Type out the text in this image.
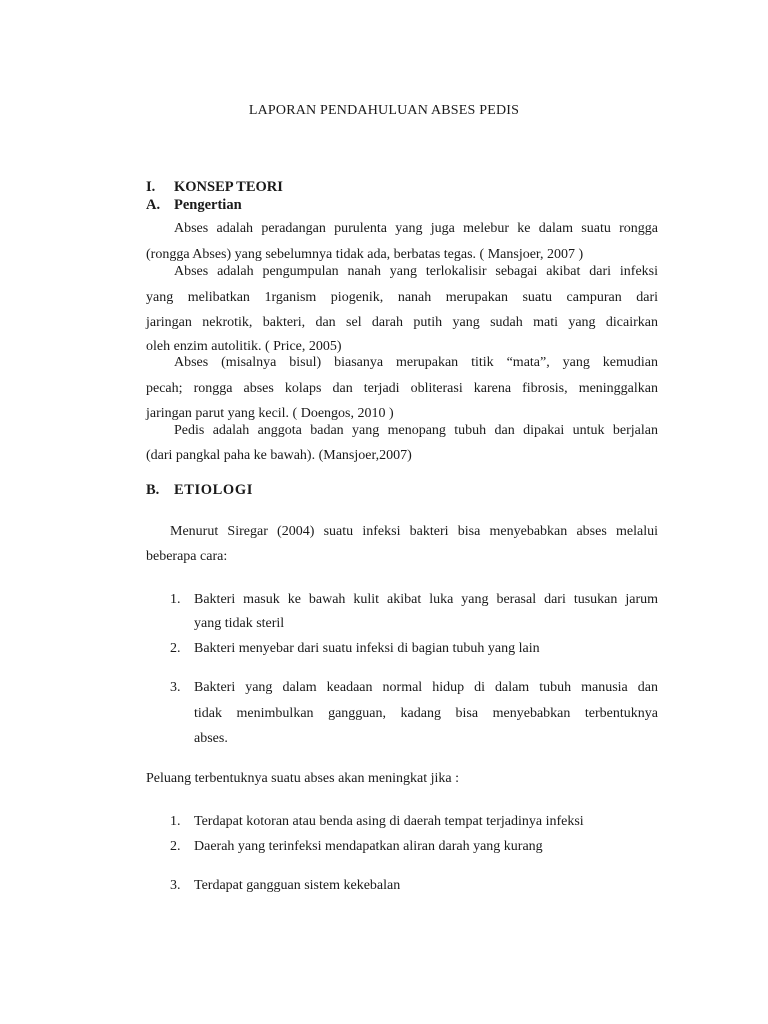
LAPORAN PENDAHULUAN ABSES PEDIS
I. KONSEP TEORI
A. Pengertian
Abses adalah peradangan purulenta yang juga melebur ke dalam suatu rongga
(rongga Abses) yang sebelumnya tidak ada, berbatas tegas. ( Mansjoer, 2007 )
Abses adalah pengumpulan nanah yang terlokalisir sebagai akibat dari infeksi
yang melibatkan 1rganism piogenik, nanah merupakan suatu campuran dari
jaringan nekrotik, bakteri, dan sel darah putih yang sudah mati yang dicairkan
oleh enzim autolitik. ( Price, 2005)
Abses (misalnya bisul) biasanya merupakan titik “mata”, yang kemudian
pecah; rongga abses kolaps dan terjadi obliterasi karena fibrosis, meninggalkan
jaringan parut yang kecil. ( Doengos, 2010 )
Pedis adalah anggota badan yang menopang tubuh dan dipakai untuk berjalan
(dari pangkal paha ke bawah). (Mansjoer,2007)
B. ETIOLOGI
Menurut Siregar (2004) suatu infeksi bakteri bisa menyebabkan abses melalui
beberapa cara:
1. Bakteri masuk ke bawah kulit akibat luka yang berasal dari tusukan jarum
yang tidak steril
2. Bakteri menyebar dari suatu infeksi di bagian tubuh yang lain
3. Bakteri yang dalam keadaan normal hidup di dalam tubuh manusia dan
tidak menimbulkan gangguan, kadang bisa menyebabkan terbentuknya
abses.
Peluang terbentuknya suatu abses akan meningkat jika :
1. Terdapat kotoran atau benda asing di daerah tempat terjadinya infeksi
2. Daerah yang terinfeksi mendapatkan aliran darah yang kurang
3. Terdapat gangguan sistem kekebalan
